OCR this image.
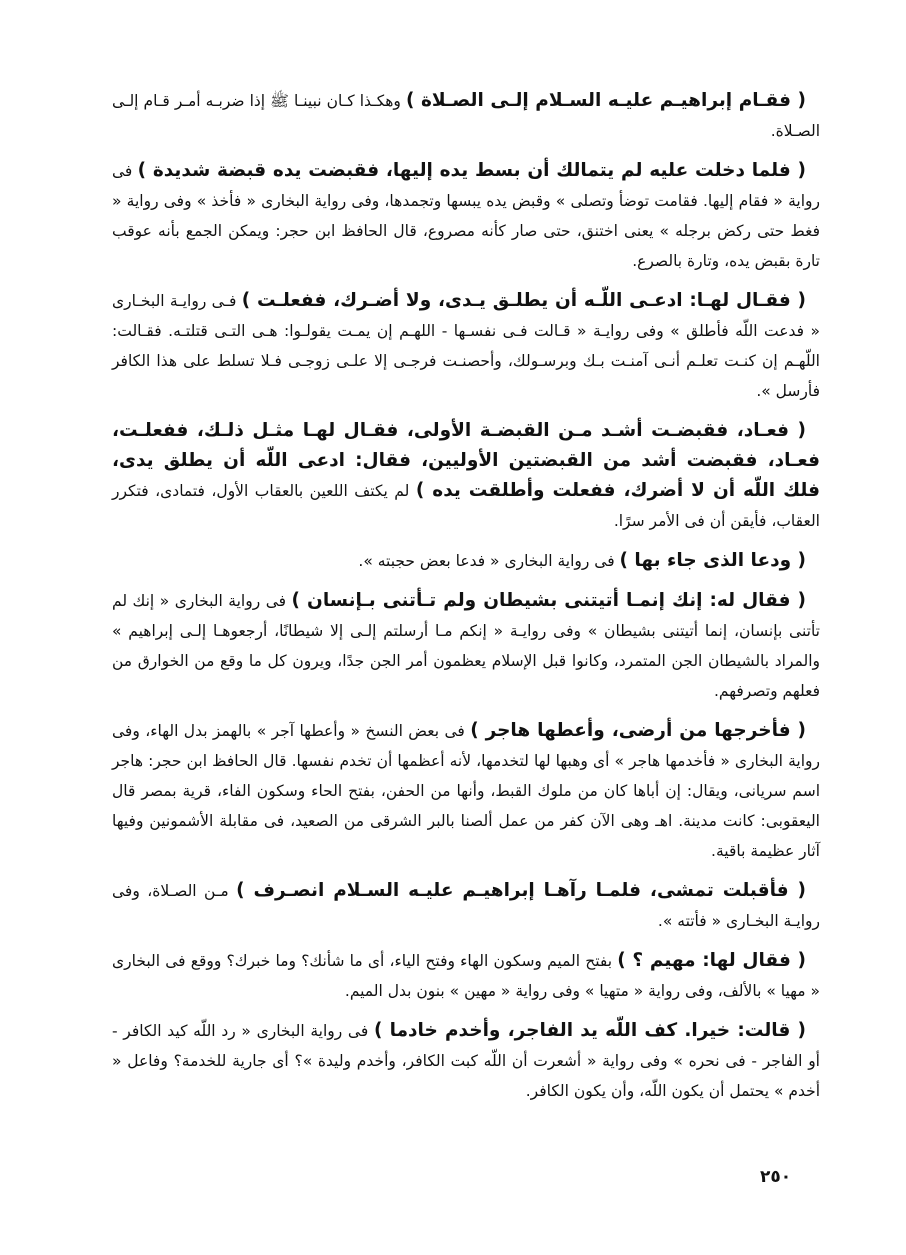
( فقـام إبراهيـم عليـه السـلام إلـى الصـلاة ) وهكـذا كـان نبينـا ﷺ إذا ضربـه أمـر قـام إلـى الصـلاة.

( فلما دخلت عليه لم يتمالك أن بسط يده إليها، فقبضت يده قبضة شديدة ) فى رواية « فقام إليها. فقامت توضأ وتصلى » وقبض يده يبسها وتجمدها، وفى رواية البخارى « فأخذ » وفى رواية « فغط حتى ركض برجله » يعنى اختنق، حتى صار كأنه مصروع، قال الحافظ ابن حجر: ويمكن الجمع بأنه عوقب تارة بقبض يده، وتارة بالصرع.

( فقـال لهـا: ادعـى اللّـه أن يطلـق يـدى، ولا أضـرك، ففعلـت ) فـى روايـة البخـارى « فدعت اللّه فأطلق » وفى روايـة « قـالت فـى نفسـها - اللهـم إن يمـت يقولـوا: هـى التـى قتلتـه. فقـالت: اللّهـم إن كنـت تعلـم أنـى آمنـت بـك وبرسـولك، وأحصنـت فرجـى إلا علـى زوجـى فـلا تسلط على هذا الكافر فأرسل ».

( فعـاد، فقبضـت أشـد مـن القبضـة الأولى، فقـال لهـا مثـل ذلـك، ففعلـت، فعـاد، فقبضت أشد من القبضتين الأوليين، فقال: ادعى اللّه أن يطلق يدى، فلك اللّه أن لا أضرك، ففعلت وأطلقت يده ) لم يكتف اللعين بالعقاب الأول، فتمادى، فتكرر العقاب، فأيقن أن فى الأمر سرًا.

( ودعا الذى جاء بها ) فى رواية البخارى « فدعا بعض حجبته ».

( فقال له: إنك إنمـا أتيتنى بشيطان ولم تـأتنى بـإنسان ) فى رواية البخارى « إنك لم تأتنى بإنسان، إنما أتيتنى بشيطان » وفى روايـة « إنكم مـا أرسلتم إلـى إلا شيطانًا، أرجعوهـا إلـى إبراهيم » والمراد بالشيطان الجن المتمرد، وكانوا قبل الإسلام يعظمون أمر الجن جدًا، ويرون كل ما وقع من الخوارق من فعلهم وتصرفهم.

( فأخرجها من أرضى، وأعطها هاجر ) فى بعض النسخ « وأعطها آجر » بالهمز بدل الهاء، وفى رواية البخارى « فأخدمها هاجر » أى وهبها لها لتخدمها، لأنه أعظمها أن تخدم نفسها. قال الحافظ ابن حجر: هاجر اسم سريانى، ويقال: إن أباها كان من ملوك القبط، وأنها من الحفن، بفتح الحاء وسكون الفاء، قرية بمصر قال اليعقوبى: كانت مدينة. اهـ وهى الآن كفر من عمل ألصنا بالبر الشرقى من الصعيد، فى مقابلة الأشمونين وفيها آثار عظيمة باقية.

( فأقبلت تمشى، فلمـا رآهـا إبراهيـم عليـه السـلام انصـرف ) مـن الصـلاة، وفى روايـة البخـارى « فأتته ».

( فقال لها: مهيم ؟ ) بفتح الميم وسكون الهاء وفتح الياء، أى ما شأنك؟ وما خبرك؟ ووقع فى البخارى « مهيا » بالألف، وفى رواية « متهيا » وفى رواية « مهين » بنون بدل الميم.

( قالت: خيرا. كف اللّه يد الفاجر، وأخدم خادما ) فى رواية البخارى « رد اللّه كيد الكافر - أو الفاجر - فى نحره » وفى رواية « أشعرت أن اللّه كبت الكافر، وأخدم وليدة »؟ أى جارية للخدمة؟ وفاعل « أخدم » يحتمل أن يكون اللّه، وأن يكون الكافر.

٢٥٠
